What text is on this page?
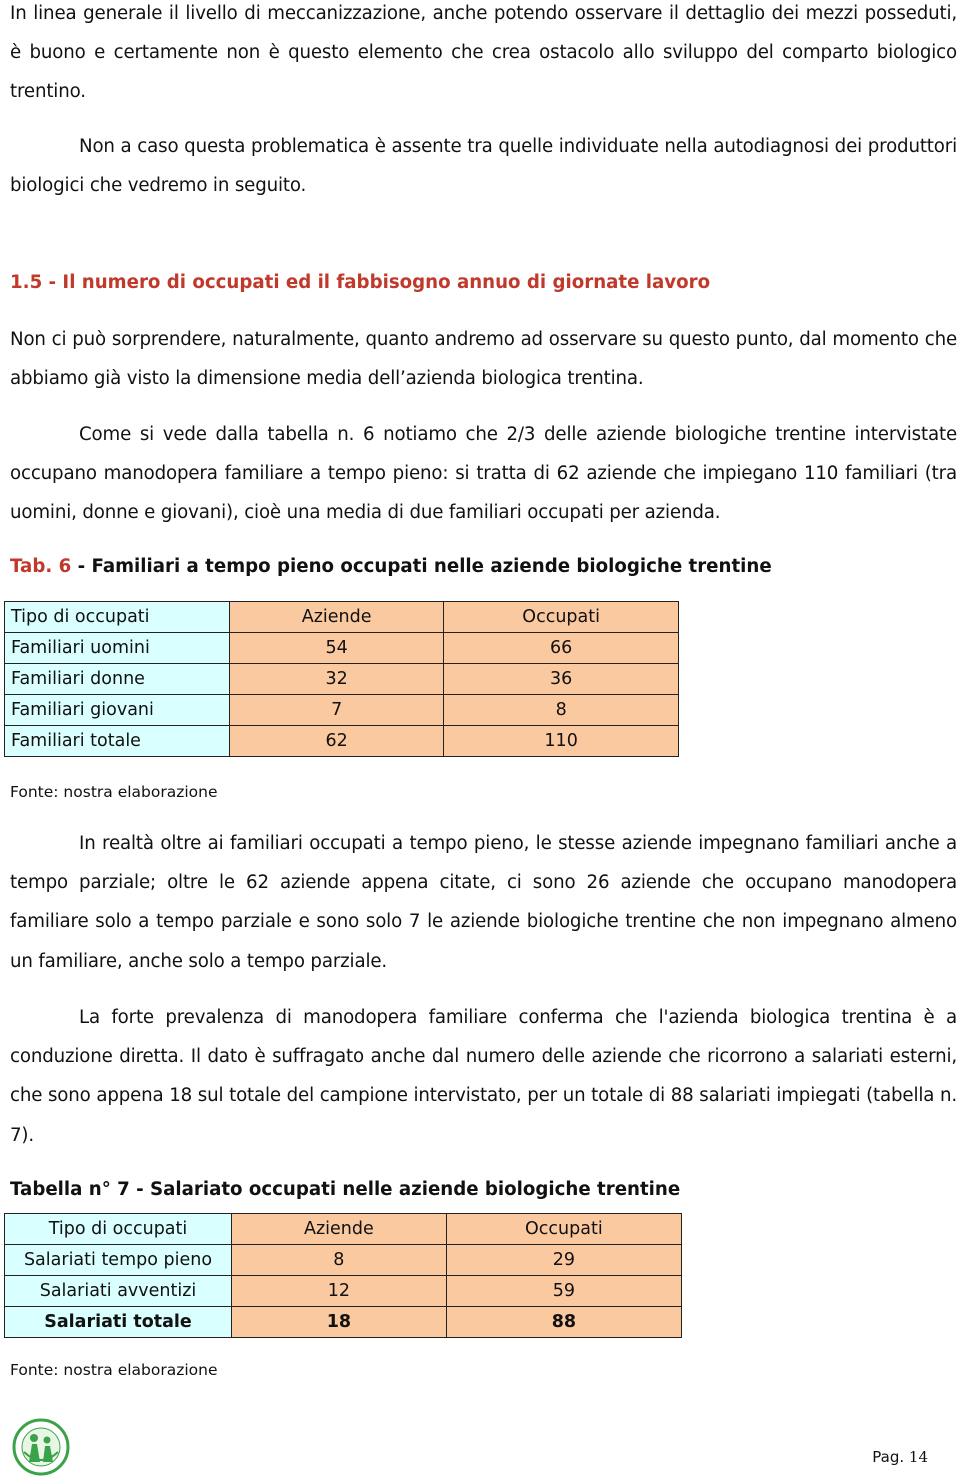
In linea generale il livello di meccanizzazione, anche potendo osservare il dettaglio dei mezzi posseduti, è buono e certamente non è questo elemento che crea ostacolo allo sviluppo del comparto biologico trentino.

Non a caso questa problematica è assente tra quelle individuate nella autodiagnosi dei produttori biologici che vedremo in seguito.

1.5 - Il numero di occupati ed il fabbisogno annuo di giornate lavoro

Non ci può sorprendere, naturalmente, quanto andremo ad osservare su questo punto, dal momento che abbiamo già visto la dimensione media dell’azienda biologica trentina.

Come si vede dalla tabella n. 6 notiamo che 2/3 delle aziende biologiche trentine intervistate occupano manodopera familiare a tempo pieno: si tratta di 62 aziende che impiegano 110 familiari (tra uomini, donne e giovani), cioè una media di due familiari occupati per azienda.

Tab. 6 - Familiari a tempo pieno occupati nelle aziende biologiche trentine

Tipo di occupati	Aziende	Occupati
Familiari uomini	54	66
Familiari donne	32	36
Familiari giovani	7	8
Familiari totale	62	110

Fonte: nostra elaborazione

In realtà oltre ai familiari occupati a tempo pieno, le stesse aziende impegnano familiari anche a tempo parziale; oltre le 62 aziende appena citate, ci sono 26 aziende che occupano manodopera familiare solo a tempo parziale e sono solo 7 le aziende biologiche trentine che non impegnano almeno un familiare, anche solo a tempo parziale.

La forte prevalenza di manodopera familiare conferma che l'azienda biologica trentina è a conduzione diretta. Il dato è suffragato anche dal numero delle aziende che ricorrono a salariati esterni, che sono appena 18 sul totale del campione intervistato, per un totale di 88 salariati impiegati (tabella n. 7).

Tabella n° 7 - Salariato occupati nelle aziende biologiche trentine

Tipo di occupati	Aziende	Occupati
Salariati tempo pieno	8	29
Salariati avventizi	12	59
Salariati totale	18	88

Fonte: nostra elaborazione

Pag. 14
